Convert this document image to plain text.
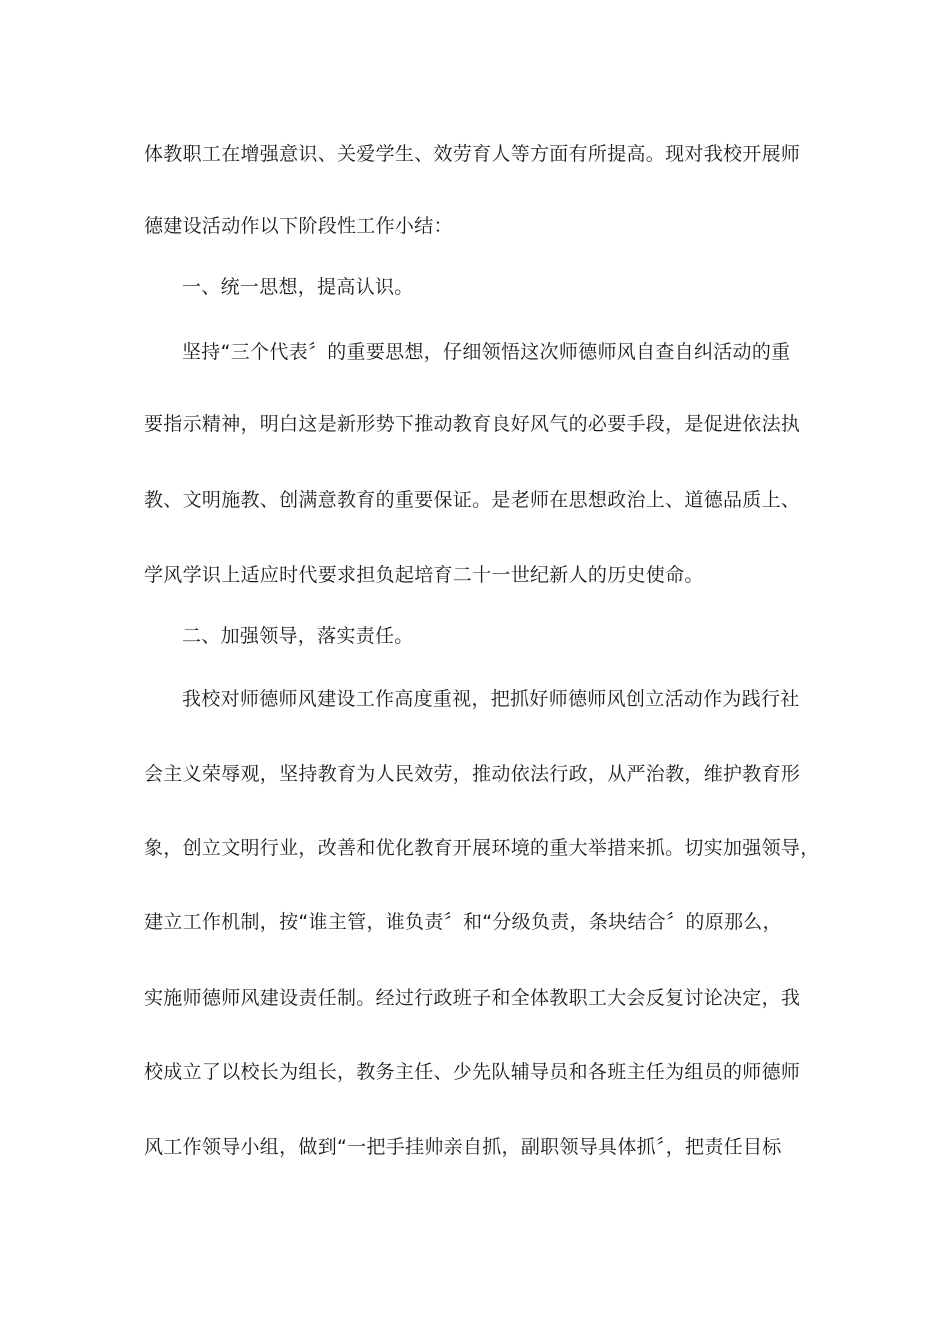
体教职工在增强意识、关爱学生、效劳育人等方面有所提高。现对我校开展师
德建设活动作以下阶段性工作小结：
一、统一思想，提高认识。
坚持“三个代表〞的重要思想，仔细领悟这次师德师风自查自纠活动的重
要指示精神，明白这是新形势下推动教育良好风气的必要手段，是促进依法执
教、文明施教、创满意教育的重要保证。是老师在思想政治上、道德品质上、
学风学识上适应时代要求担负起培育二十一世纪新人的历史使命。
二、加强领导，落实责任。
我校对师德师风建设工作高度重视，把抓好师德师风创立活动作为践行社
会主义荣辱观，坚持教育为人民效劳，推动依法行政，从严治教，维护教育形
象，创立文明行业，改善和优化教育开展环境的重大举措来抓。切实加强领导，
建立工作机制，按“谁主管，谁负责〞和“分级负责，条块结合〞的原那么，
实施师德师风建设责任制。经过行政班子和全体教职工大会反复讨论决定，我
校成立了以校长为组长，教务主任、少先队辅导员和各班主任为组员的师德师
风工作领导小组，做到“一把手挂帅亲自抓，副职领导具体抓〞，把责任目标
